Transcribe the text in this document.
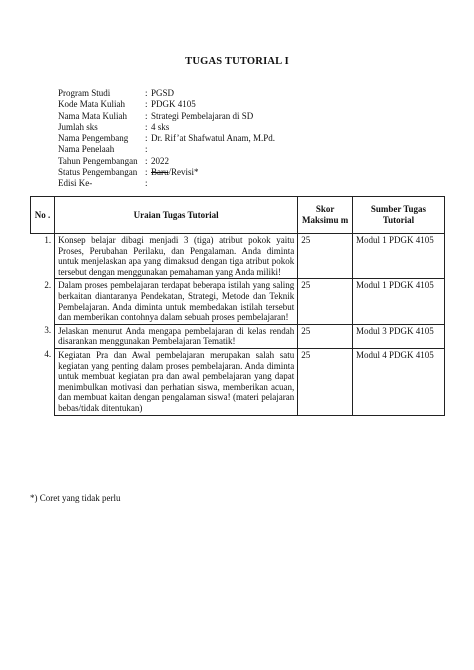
TUGAS TUTORIAL I
Program Studi	: PGSD
Kode Mata Kuliah	: PDGK 4105
Nama Mata Kuliah	: Strategi Pembelajaran di SD
Jumlah sks	: 4 sks
Nama Pengembang	: Dr. Rif’at Shafwatul Anam, M.Pd.
Nama Penelaah	:
Tahun Pengembangan : 2022
Status Pengembangan : Baru/Revisi*
Edisi Ke-	:
No .	Uraian Tugas Tutorial	Skor Maksimu m	Sumber Tugas Tutorial
1.	Konsep belajar dibagi menjadi 3 (tiga) atribut pokok yaitu Proses, Perubahan Perilaku, dan Pengalaman. Anda diminta untuk menjelaskan apa yang dimaksud dengan tiga atribut pokok tersebut dengan menggunakan pemahaman yang Anda miliki!	25	Modul 1 PDGK 4105
2.	Dalam proses pembelajaran terdapat beberapa istilah yang saling berkaitan diantaranya Pendekatan, Strategi, Metode dan Teknik Pembelajaran. Anda diminta untuk membedakan istilah tersebut dan memberikan contohnya dalam sebuah proses pembelajaran!	25	Modul 1 PDGK 4105
3.	Jelaskan menurut Anda mengapa pembelajaran di kelas rendah disarankan menggunakan Pembelajaran Tematik!	25	Modul 3 PDGK 4105
4.	Kegiatan Pra dan Awal pembelajaran merupakan salah satu kegiatan yang penting dalam proses pembelajaran. Anda diminta untuk membuat kegiatan pra dan awal pembelajaran yang dapat menimbulkan motivasi dan perhatian siswa, memberikan acuan, dan membuat kaitan dengan pengalaman siswa! (materi pelajaran bebas/tidak ditentukan)	25	Modul 4 PDGK 4105
*) Coret yang tidak perlu
